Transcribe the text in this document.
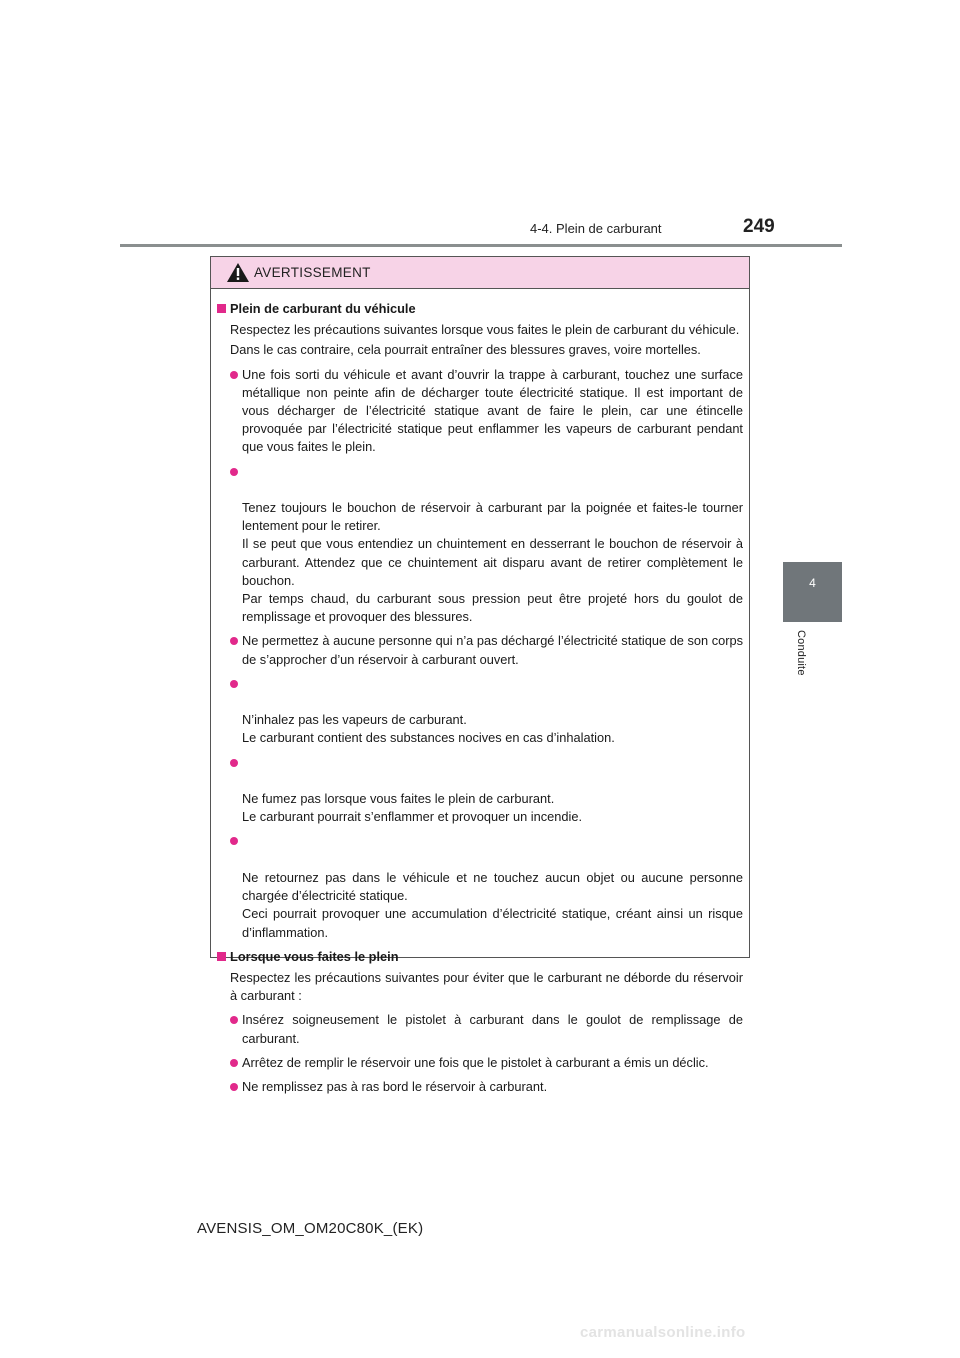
4-4. Plein de carburant	249
4
Conduite
AVERTISSEMENT
Plein de carburant du véhicule
Respectez les précautions suivantes lorsque vous faites le plein de carburant du véhicule.
Dans le cas contraire, cela pourrait entraîner des blessures graves, voire mortelles.
Une fois sorti du véhicule et avant d’ouvrir la trappe à carburant, touchez une surface métallique non peinte afin de décharger toute électricité statique. Il est important de vous décharger de l’électricité statique avant de faire le plein, car une étincelle provoquée par l’électricité statique peut enflammer les vapeurs de carburant pendant que vous faites le plein.

Tenez toujours le bouchon de réservoir à carburant par la poignée et faites-le tourner lentement pour le retirer.
Il se peut que vous entendiez un chuintement en desserrant le bouchon de réservoir à carburant. Attendez que ce chuintement ait disparu avant de retirer complètement le bouchon.
Par temps chaud, du carburant sous pression peut être projeté hors du goulot de remplissage et provoquer des blessures.

Ne permettez à aucune personne qui n’a pas déchargé l’électricité statique de son corps de s’approcher d’un réservoir à carburant ouvert.

N’inhalez pas les vapeurs de carburant.
Le carburant contient des substances nocives en cas d’inhalation.

Ne fumez pas lorsque vous faites le plein de carburant.
Le carburant pourrait s’enflammer et provoquer un incendie.

Ne retournez pas dans le véhicule et ne touchez aucun objet ou aucune personne chargée d’électricité statique.
Ceci pourrait provoquer une accumulation d’électricité statique, créant ainsi un risque d’inflammation.

Lorsque vous faites le plein
Respectez les précautions suivantes pour éviter que le carburant ne déborde du réservoir à carburant :
Insérez soigneusement le pistolet à carburant dans le goulot de remplissage de carburant.
Arrêtez de remplir le réservoir une fois que le pistolet à carburant a émis un déclic.
Ne remplissez pas à ras bord le réservoir à carburant.
AVENSIS_OM_OM20C80K_(EK)
carmanualsonline.info
